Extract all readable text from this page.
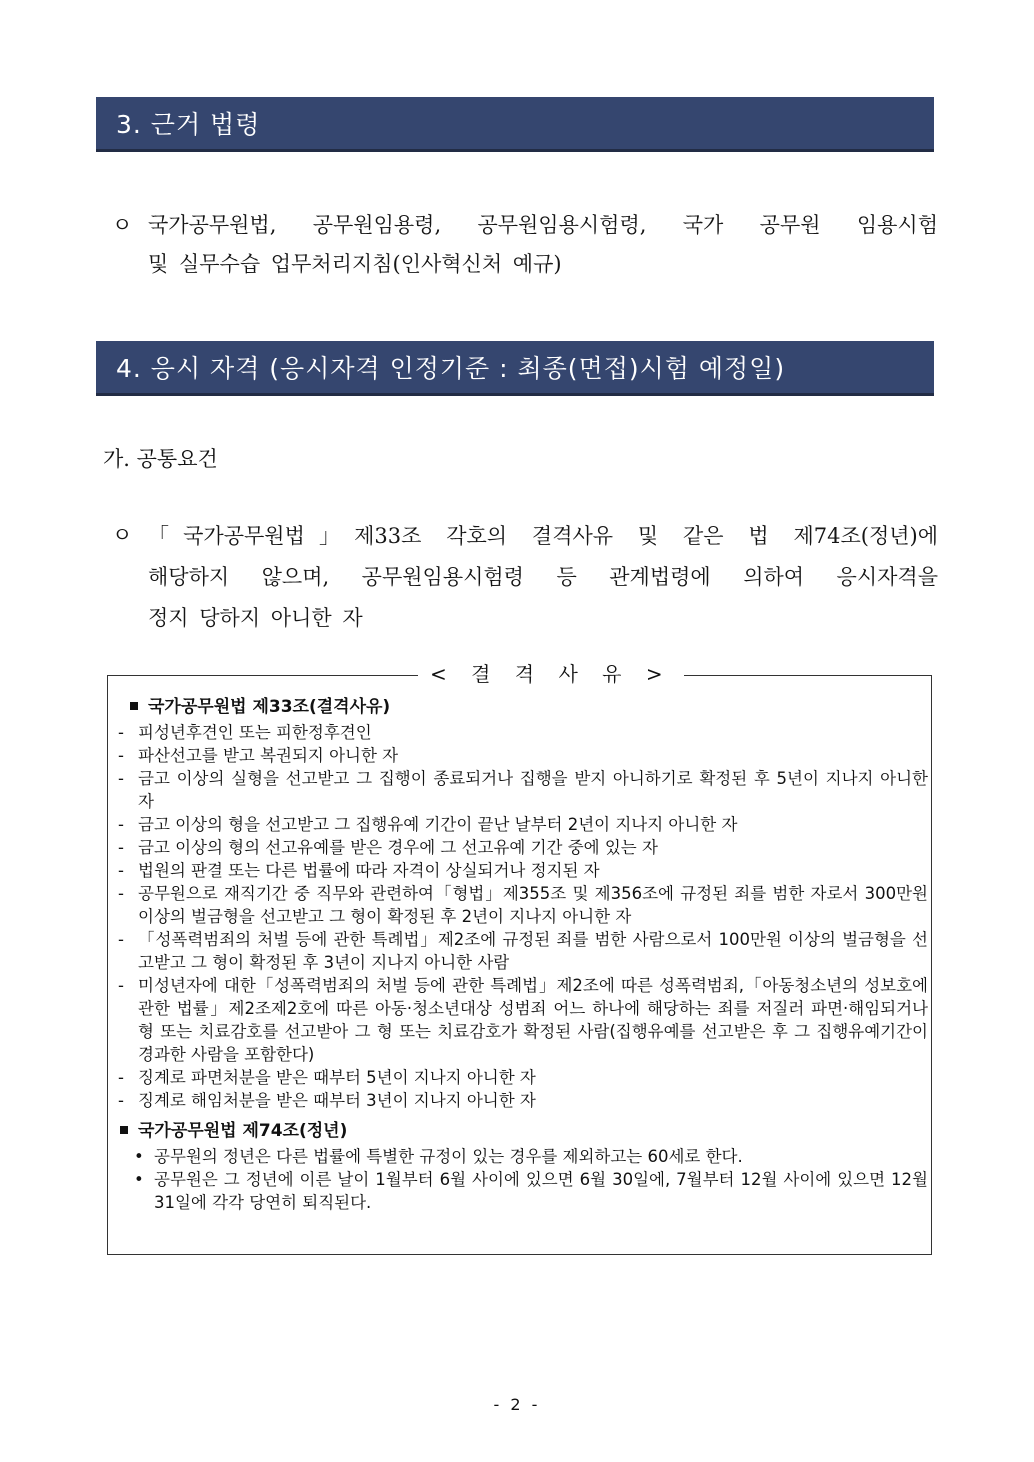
3. 근거 법령
ㅇ 국가공무원법, 공무원임용령, 공무원임용시험령, 국가 공무원 임용시험
및 실무수습 업무처리지침(인사혁신처 예규)
4. 응시 자격 (응시자격 인정기준 : 최종(면접)시험 예정일)
가. 공통요건
ㅇ 「국가공무원법」제33조 각호의 결격사유 및 같은 법 제74조(정년)에
해당하지 않으며, 공무원임용시험령 등 관계법령에 의하여 응시자격을
정지 당하지 아니한 자
< 결 격 사 유 >
국가공무원법 제33조(결격사유)
- 피성년후견인 또는 피한정후견인
- 파산선고를 받고 복권되지 아니한 자
- 금고 이상의 실형을 선고받고 그 집행이 종료되거나 집행을 받지 아니하기로 확정된 후 5년이 지나지 아니한 자
- 금고 이상의 형을 선고받고 그 집행유예 기간이 끝난 날부터 2년이 지나지 아니한 자
- 금고 이상의 형의 선고유예를 받은 경우에 그 선고유예 기간 중에 있는 자
- 법원의 판결 또는 다른 법률에 따라 자격이 상실되거나 정지된 자
- 공무원으로 재직기간 중 직무와 관련하여「형법」제355조 및 제356조에 규정된 죄를 범한 자로서 300만원 이상의 벌금형을 선고받고 그 형이 확정된 후 2년이 지나지 아니한 자
- 「성폭력범죄의 처벌 등에 관한 특례법」제2조에 규정된 죄를 범한 사람으로서 100만원 이상의 벌금형을 선고받고 그 형이 확정된 후 3년이 지나지 아니한 사람
- 미성년자에 대한「성폭력범죄의 처벌 등에 관한 특례법」제2조에 따른 성폭력범죄,「아동청소년의 성보호에 관한 법률」제2조제2호에 따른 아동·청소년대상 성범죄 어느 하나에 해당하는 죄를 저질러 파면·해임되거나 형 또는 치료감호를 선고받아 그 형 또는 치료감호가 확정된 사람(집행유예를 선고받은 후 그 집행유예기간이 경과한 사람을 포함한다)
- 징계로 파면처분을 받은 때부터 5년이 지나지 아니한 자
- 징계로 해임처분을 받은 때부터 3년이 지나지 아니한 자
국가공무원법 제74조(정년)
• 공무원의 정년은 다른 법률에 특별한 규정이 있는 경우를 제외하고는 60세로 한다.
• 공무원은 그 정년에 이른 날이 1월부터 6월 사이에 있으면 6월 30일에, 7월부터 12월 사이에 있으면 12월 31일에 각각 당연히 퇴직된다.
- 2 -
